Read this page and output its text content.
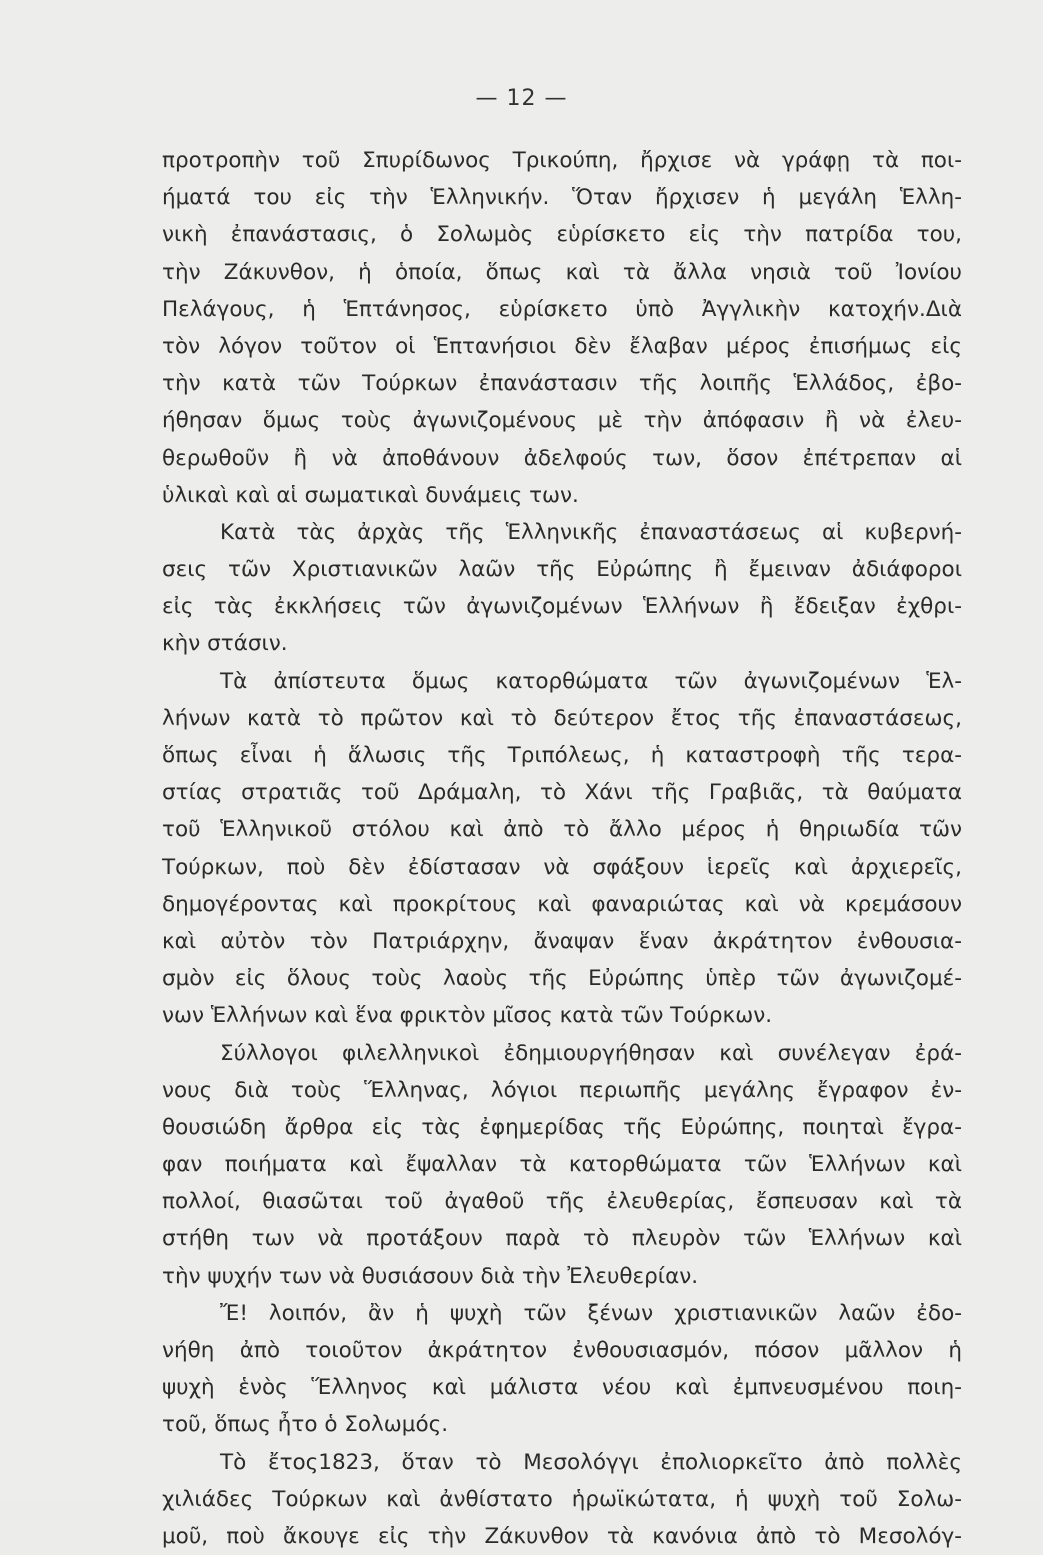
— 12 —
προτροπὴν τοῦ Σπυρίδωνος Τρικούπη, ἤρχισε νὰ γράφῃ τὰ ποι-
ήματά του εἰς τὴν Ἑλληνικήν. Ὅταν ἤρχισεν ἡ μεγάλη Ἑλλη-
νικὴ ἐπανάστασις, ὁ Σολωμὸς εὑρίσκετο εἰς τὴν πατρίδα του,
τὴν Ζάκυνθον, ἡ ὁποία, ὅπως καὶ τὰ ἄλλα νησιὰ τοῦ Ἰονίου
Πελάγους, ἡ Ἑπτάνησος, εὑρίσκετο ὑπὸ Ἀγγλικὴν κατοχήν.Διὰ
τὸν λόγον τοῦτον οἱ Ἑπτανήσιοι δὲν ἔλαβαν μέρος ἐπισήμως εἰς
τὴν κατὰ τῶν Τούρκων ἐπανάστασιν τῆς λοιπῆς Ἑλλάδος, ἐβο-
ήθησαν ὅμως τοὺς ἀγωνιζομένους μὲ τὴν ἀπόφασιν ἢ νὰ ἐλευ-
θερωθοῦν ἢ νὰ ἀποθάνουν ἀδελφούς των, ὅσον ἐπέτρεπαν αἱ
ὑλικαὶ καὶ αἱ σωματικαὶ δυνάμεις των.
Κατὰ τὰς ἀρχὰς τῆς Ἑλληνικῆς ἐπαναστάσεως αἱ κυβερνή-
σεις τῶν Χριστιανικῶν λαῶν τῆς Εὐρώπης ἢ ἔμειναν ἀδιάφοροι
εἰς τὰς ἐκκλήσεις τῶν ἀγωνιζομένων Ἑλλήνων ἢ ἔδειξαν ἐχθρι-
κὴν στάσιν.
Τὰ ἀπίστευτα ὅμως κατορθώματα τῶν ἀγωνιζομένων Ἑλ-
λήνων κατὰ τὸ πρῶτον καὶ τὸ δεύτερον ἔτος τῆς ἐπαναστάσεως,
ὅπως εἶναι ἡ ἅλωσις τῆς Τριπόλεως, ἡ καταστροφὴ τῆς τερα-
στίας στρατιᾶς τοῦ Δράμαλη, τὸ Χάνι τῆς Γραβιᾶς, τὰ θαύματα
τοῦ Ἑλληνικοῦ στόλου καὶ ἀπὸ τὸ ἄλλο μέρος ἡ θηριωδία τῶν
Τούρκων, ποὺ δὲν ἐδίστασαν νὰ σφάξουν ἱερεῖς καὶ ἀρχιερεῖς,
δημογέροντας καὶ προκρίτους καὶ φαναριώτας καὶ νὰ κρεμάσουν
καὶ αὐτὸν τὸν Πατριάρχην, ἄναψαν ἕναν ἀκράτητον ἐνθουσια-
σμὸν εἰς ὅλους τοὺς λαοὺς τῆς Εὐρώπης ὑπὲρ τῶν ἀγωνιζομέ-
νων Ἑλλήνων καὶ ἕνα φρικτὸν μῖσος κατὰ τῶν Τούρκων.
Σύλλογοι φιλελληνικοὶ ἐδημιουργήθησαν καὶ συνέλεγαν ἐρά-
νους διὰ τοὺς Ἕλληνας, λόγιοι περιωπῆς μεγάλης ἔγραφον ἐν-
θουσιώδη ἄρθρα εἰς τὰς ἐφημερίδας τῆς Εὐρώπης, ποιηταὶ ἔγρα-
φαν ποιήματα καὶ ἔψαλλαν τὰ κατορθώματα τῶν Ἑλλήνων καὶ
πολλοί, θιασῶται τοῦ ἀγαθοῦ τῆς ἐλευθερίας, ἔσπευσαν καὶ τὰ
στήθη των νὰ προτάξουν παρὰ τὸ πλευρὸν τῶν Ἑλλήνων καὶ
τὴν ψυχήν των νὰ θυσιάσουν διὰ τὴν Ἐλευθερίαν.
Ἔ! λοιπόν, ἂν ἡ ψυχὴ τῶν ξένων χριστιανικῶν λαῶν ἐδο-
νήθη ἀπὸ τοιοῦτον ἀκράτητον ἐνθουσιασμόν, πόσον μᾶλλον ἡ
ψυχὴ ἑνὸς Ἕλληνος καὶ μάλιστα νέου καὶ ἐμπνευσμένου ποιη-
τοῦ, ὅπως ἦτο ὁ Σολωμός.
Τὸ ἔτος1823, ὅταν τὸ Μεσολόγγι ἐπολιορκεῖτο ἀπὸ πολλὲς
χιλιάδες Τούρκων καὶ ἀνθίστατο ἡρωϊκώτατα, ἡ ψυχὴ τοῦ Σολω-
μοῦ, ποὺ ἄκουγε εἰς τὴν Ζάκυνθον τὰ κανόνια ἀπὸ τὸ Μεσολόγ-
